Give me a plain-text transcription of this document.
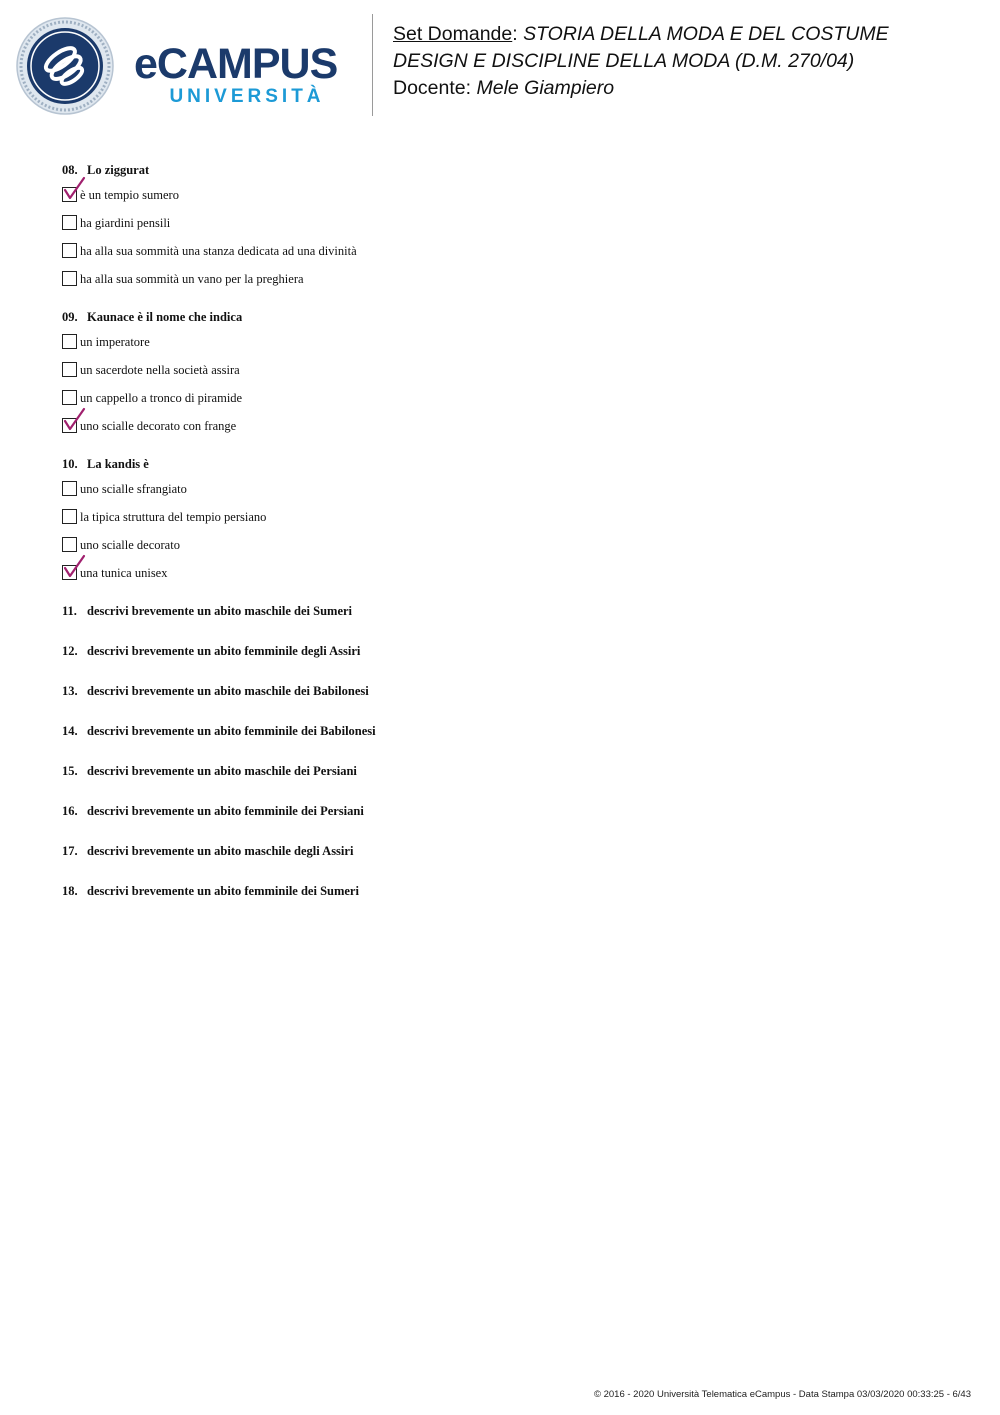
eCAMPUS
UNIVERSITÀ
Set Domande: STORIA DELLA MODA E DEL COSTUME
DESIGN E DISCIPLINE DELLA MODA (D.M. 270/04)
Docente: Mele Giampiero
08. Lo ziggurat
è un tempio sumero
ha giardini pensili
ha alla sua sommità una stanza dedicata ad una divinità
ha alla sua sommità un vano per la preghiera
09. Kaunace è il nome che indica
un imperatore
un sacerdote nella società assira
un cappello a tronco di piramide
uno scialle decorato con frange
10. La kandis è
uno scialle sfrangiato
la tipica struttura del tempio persiano
uno scialle decorato
una tunica unisex
11. descrivi brevemente un abito maschile dei Sumeri
12. descrivi brevemente un abito femminile degli Assiri
13. descrivi brevemente un abito maschile dei Babilonesi
14. descrivi brevemente un abito femminile dei Babilonesi
15. descrivi brevemente un abito maschile dei Persiani
16. descrivi brevemente un abito femminile dei Persiani
17. descrivi brevemente un abito maschile degli Assiri
18. descrivi brevemente un abito femminile dei Sumeri
© 2016 - 2020 Università Telematica eCampus - Data Stampa 03/03/2020 00:33:25 - 6/43
